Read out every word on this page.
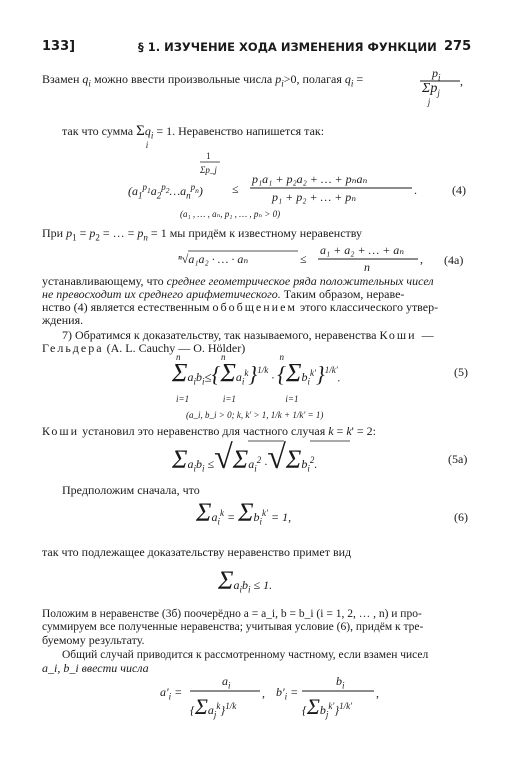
133]	§ 1. ИЗУЧЕНИЕ ХОДА ИЗМЕНЕНИЯ ФУНКЦИИ 275
Взамен $q_i$ можно ввести произвольные числа $p_i>0$, полагая $q_i$ =	$p_i$
$\Sigma p_j$
j
,
так что сумма $\Sigma q_i = 1$. Неравенство напишется так:
i
$(a_1^{p_1}a_2^{p_2}\dots a_n^{p_n})$
1
Σp_j
≤
p₁a₁ + p₂a₂ + … + pₙaₙ
p₁ + p₂ + … + pₙ	.
(a₁ , … , aₙ, p₁ , … , pₙ > 0)
(4)
При $p_1 = p_2$ = … = $p_n = 1$ мы придём к известному неравенству
ⁿ√a₁a₂ · … · aₙ	≤
a₁ + a₂ + … + aₙ
n
, (4а)
устанавливающему, что среднее геометрическое ряда положительных чисел
не превосходит их среднего арифметического. Таким образом, нераве-
нство (4) является естественным обобщением этого классического утвер-
ждения.
7) Обратимся к доказательству, так называемого, неравенства Коши —
Гельдера (A. L. Cauchy — O. Hölder)
$\Sigma a_ib_i\le\{\Sigma a_i^k\}^{1/k} \cdot \{\Sigma b_i^{k'}\}^{1/k'}$.
i=1               i=1                      i=1
n                  n                        n
(a_i, b_i > 0; k, k' > 1, 1/k + 1/k' = 1)
(5)
Коши установил это неравенство для частного случая k = k' = 2:
$\Sigma a_ib_i \le√\Sigma a_i^2 \cdot√\Sigma b_i^2$.	(5а)
Предположим сначала, что
$\Sigma a_i^k = \Sigma b_i^{k'} = 1$,	(6)
так что подлежащее доказательству неравенство примет вид
$\Sigma a_ib_i \le 1$.
Положим в неравенстве (3б) поочерёдно a = a_i, b = b_i (i = 1, 2, … , n) и про-
суммируем все полученные неравенства; учитывая условие (6), придём к тре-
буемому результату.
Общий случай приводится к рассмотренному частному, если взамен чисел
a_i, b_i ввести числа
$a'_i$ =
$a_i$
$\{\Sigma a_j^k\}^{1/k}$
, $b'_i$ =
$b_i$
$\{\Sigma b_j^{k'}\}^{1/k'}$
,
